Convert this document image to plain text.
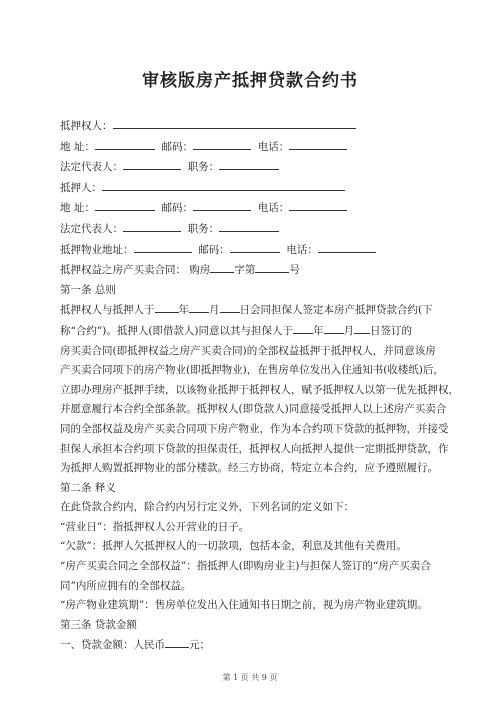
审核版房产抵押贷款合约书
抵押权人：
地 址：	邮码：	电话：
法定代表人：	职务：
抵押人：
地 址：	邮码：	电话：
法定代表人：	职务：
抵押物业地址：	邮码：	电话：
抵押权益之房产买卖合同： 购房 字第	号
第一条 总则
抵押权人与抵押人于 年 月 日会同担保人签定本房产抵押贷款合约(下
称“合约”)。抵押人(即借款人)同意以其与担保人于 年 月 日签订的
房买卖合同(即抵押权益之房产买卖合同)的全部权益抵押于抵押权人，并同意该房
产买卖合同项下的房产物业(即抵押物业)，在售房单位发出入住通知书(收楼纸)后，
立即办理房产抵押手续，以该物业抵押于抵押权人，赋予抵押权人以第一优先抵押权，
并愿意履行本合约全部条款。抵押权人(即贷款人)同意接受抵押人以上述房产买卖合
同的全部权益及房产买卖合同项下房产物业，作为本合约项下贷款的抵押物，并接受
担保人承担本合约项下贷款的担保责任，抵押权人向抵押人提供一定期抵押贷款，作
为抵押人购置抵押物业的部分楼款。经三方协商，特定立本合约，应予遵照履行。
第二条 释义
在此贷款合约内，除合约内另行定义外，下列名词的定义如下：
“营业日”：指抵押权人公开营业的日子。
“欠款”：抵押人欠抵押权人的一切款项，包括本金，利息及其他有关费用。
“房产买卖合同之全部权益”：指抵押人(即购房业主)与担保人签订的“房产买卖合
同”内所应拥有的全部权益。
“房产物业建筑期”：售房单位发出入住通知书日期之前，视为房产物业建筑期。
第三条 贷款金额
一、贷款金额：人民币 元；
第 1 页 共 9 页
